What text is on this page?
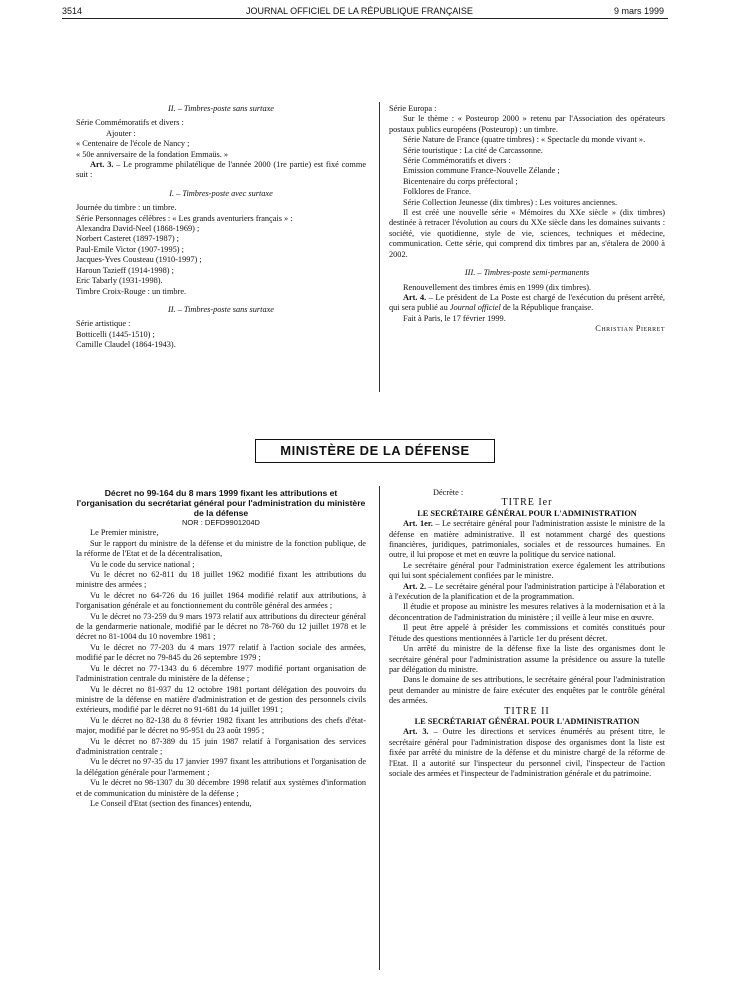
3514	JOURNAL OFFICIEL DE LA RÉPUBLIQUE FRANÇAISE	9 mars 1999

II. – Timbres-poste sans surtaxe

Série Commémoratifs et divers :

Ajouter :

« Centenaire de l'école de Nancy ;

« 50e anniversaire de la fondation Emmaüs. »

Art. 3. – Le programme philatélique de l'année 2000 (1re partie) est fixé comme suit :

I. – Timbres-poste avec surtaxe

Journée du timbre : un timbre.

Série Personnages célèbres : « Les grands aventuriers français » :

Alexandra David-Neel (1868-1969) ;

Norbert Casteret (1897-1987) ;

Paul-Emile Victor (1907-1995) ;

Jacques-Yves Cousteau (1910-1997) ;

Haroun Tazieff (1914-1998) ;

Eric Tabarly (1931-1998).

Timbre Croix-Rouge : un timbre.

II. – Timbres-poste sans surtaxe

Série artistique :

Botticelli (1445-1510) ;

Camille Claudel (1864-1943).

Série Europa :

Sur le thème : « Posteurop 2000 » retenu par l'Association des opérateurs postaux publics européens (Posteurop) : un timbre.

Série Nature de France (quatre timbres) : « Spectacle du monde vivant ».

Série touristique : La cité de Carcassonne.

Série Commémoratifs et divers :

Emission commune France-Nouvelle Zélande ;

Bicentenaire du corps préfectoral ;

Folklores de France.

Série Collection Jeunesse (dix timbres) : Les voitures anciennes.

Il est créé une nouvelle série « Mémoires du XXe siècle » (dix timbres) destinée à retracer l'évolution au cours du XXe siècle dans les domaines suivants : société, vie quotidienne, style de vie, sciences, techniques et médecine, communication. Cette série, qui comprend dix timbres par an, s'étalera de 2000 à 2002.

III. – Timbres-poste semi-permanents

Renouvellement des timbres émis en 1999 (dix timbres).

Art. 4. – Le président de La Poste est chargé de l'exécution du présent arrêté, qui sera publié au Journal officiel de la République française.

Fait à Paris, le 17 février 1999.

Christian Pierret

MINISTÈRE DE LA DÉFENSE

Décret no 99-164 du 8 mars 1999 fixant les attributions et l'organisation du secrétariat général pour l'administration du ministère de la défense

NOR : DEFD9901204D

Le Premier ministre,

Sur le rapport du ministre de la défense et du ministre de la fonction publique, de la réforme de l'Etat et de la décentralisation,

Vu le code du service national ;

Vu le décret no 62-811 du 18 juillet 1962 modifié fixant les attributions du ministre des armées ;

Vu le décret no 64-726 du 16 juillet 1964 modifié relatif aux attributions, à l'organisation générale et au fonctionnement du contrôle général des armées ;

Vu le décret no 73-259 du 9 mars 1973 relatif aux attributions du directeur général de la gendarmerie nationale, modifié par le décret no 78-760 du 12 juillet 1978 et le décret no 81-1004 du 10 novembre 1981 ;

Vu le décret no 77-203 du 4 mars 1977 relatif à l'action sociale des armées, modifié par le décret no 79-845 du 26 septembre 1979 ;

Vu le décret no 77-1343 du 6 décembre 1977 modifié portant organisation de l'administration centrale du ministère de la défense ;

Vu le décret no 81-937 du 12 octobre 1981 portant délégation des pouvoirs du ministre de la défense en matière d'administration et de gestion des personnels civils extérieurs, modifié par le décret no 91-681 du 14 juillet 1991 ;

Vu le décret no 82-138 du 8 février 1982 fixant les attributions des chefs d'état-major, modifié par le décret no 95-951 du 23 août 1995 ;

Vu le décret no 87-389 du 15 juin 1987 relatif à l'organisation des services d'administration centrale ;

Vu le décret no 97-35 du 17 janvier 1997 fixant les attributions et l'organisation de la délégation générale pour l'armement ;

Vu le décret no 98-1307 du 30 décembre 1998 relatif aux systèmes d'information et de communication du ministère de la défense ;

Le Conseil d'Etat (section des finances) entendu,

Décrète :

TITRE Ier

LE SECRÉTAIRE GÉNÉRAL POUR L'ADMINISTRATION

Art. 1er. – Le secrétaire général pour l'administration assiste le ministre de la défense en matière administrative. Il est notamment chargé des questions financières, juridiques, patrimoniales, sociales et de ressources humaines. En outre, il lui propose et met en œuvre la politique du service national.

Le secrétaire général pour l'administration exerce également les attributions qui lui sont spécialement confiées par le ministre.

Art. 2. – Le secrétaire général pour l'administration participe à l'élaboration et à l'exécution de la planification et de la programmation.

Il étudie et propose au ministre les mesures relatives à la modernisation et à la déconcentration de l'administration du ministère ; il veille à leur mise en œuvre.

Il peut être appelé à présider les commissions et comités constitués pour l'étude des questions mentionnées à l'article 1er du présent décret.

Un arrêté du ministre de la défense fixe la liste des organismes dont le secrétaire général pour l'administration assume la présidence ou assure la tutelle par délégation du ministre.

Dans le domaine de ses attributions, le secrétaire général pour l'administration peut demander au ministre de faire exécuter des enquêtes par le contrôle général des armées.

TITRE II

LE SECRÉTARIAT GÉNÉRAL POUR L'ADMINISTRATION

Art. 3. – Outre les directions et services énumérés au présent titre, le secrétaire général pour l'administration dispose des organismes dont la liste est fixée par arrêté du ministre de la défense et du ministre chargé de la réforme de l'Etat. Il a autorité sur l'inspecteur du personnel civil, l'inspecteur de l'action sociale des armées et l'inspecteur de l'administration générale et du patrimoine.
